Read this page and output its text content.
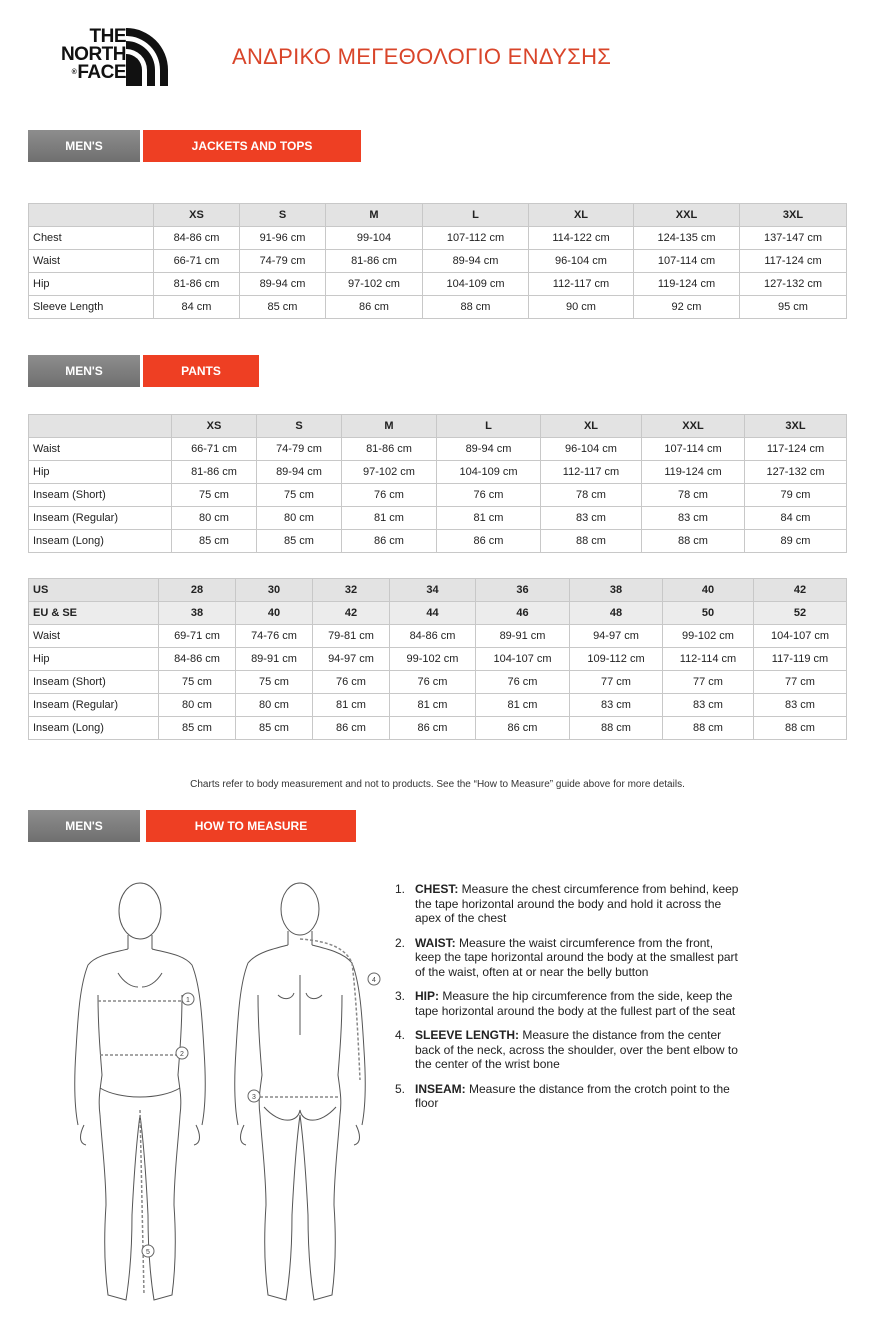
THE
NORTH
®FACE
ΑΝΔΡΙΚΟ ΜΕΓΕΘΟΛΟΓΙΟ ΕΝΔΥΣΗΣ
MEN'S	JACKETS AND TOPS
	XS	S	M	L	XL	XXL	3XL
Chest	84-86 cm	91-96 cm	99-104	107-112 cm	114-122 cm	124-135 cm	137-147 cm
Waist	66-71 cm	74-79 cm	81-86 cm	89-94 cm	96-104 cm	107-114 cm	117-124 cm
Hip	81-86 cm	89-94 cm	97-102 cm	104-109 cm	112-117 cm	119-124 cm	127-132 cm
Sleeve Length	84 cm	85 cm	86 cm	88 cm	90 cm	92 cm	95 cm
MEN'S	PANTS
	XS	S	M	L	XL	XXL	3XL
Waist	66-71 cm	74-79 cm	81-86 cm	89-94 cm	96-104 cm	107-114 cm	117-124 cm
Hip	81-86 cm	89-94 cm	97-102 cm	104-109 cm	112-117 cm	119-124 cm	127-132 cm
Inseam (Short)	75 cm	75 cm	76 cm	76 cm	78 cm	78 cm	79 cm
Inseam (Regular)	80 cm	80 cm	81 cm	81 cm	83 cm	83 cm	84 cm
Inseam (Long)	85 cm	85 cm	86 cm	86 cm	88 cm	88 cm	89 cm
US	28	30	32	34	36	38	40	42
EU & SE	38	40	42	44	46	48	50	52
Waist	69-71 cm	74-76 cm	79-81 cm	84-86 cm	89-91 cm	94-97 cm	99-102 cm	104-107 cm
Hip	84-86 cm	89-91 cm	94-97 cm	99-102 cm	104-107 cm	109-112 cm	112-114 cm	117-119 cm
Inseam (Short)	75 cm	75 cm	76 cm	76 cm	76 cm	77 cm	77 cm	77 cm
Inseam (Regular)	80 cm	80 cm	81 cm	81 cm	81 cm	83 cm	83 cm	83 cm
Inseam (Long)	85 cm	85 cm	86 cm	86 cm	86 cm	88 cm	88 cm	88 cm
Charts refer to body measurement and not to products. See the “How to Measure” guide above for more details.
MEN'S	HOW TO MEASURE
1
2
3
4
5
1. CHEST: Measure the chest circumference from behind, keep the tape horizontal around the body and hold it across the apex of the chest
2. WAIST: Measure the waist circumference from the front, keep the tape horizontal around the body at the smallest part of the waist, often at or near the belly button
3. HIP: Measure the hip circumference from the side, keep the tape horizontal around the body at the fullest part of the seat
4. SLEEVE LENGTH: Measure the distance from the center back of the neck, across the shoulder, over the bent elbow to the center of the wrist bone
5. INSEAM: Measure the distance from the crotch point to the floor
